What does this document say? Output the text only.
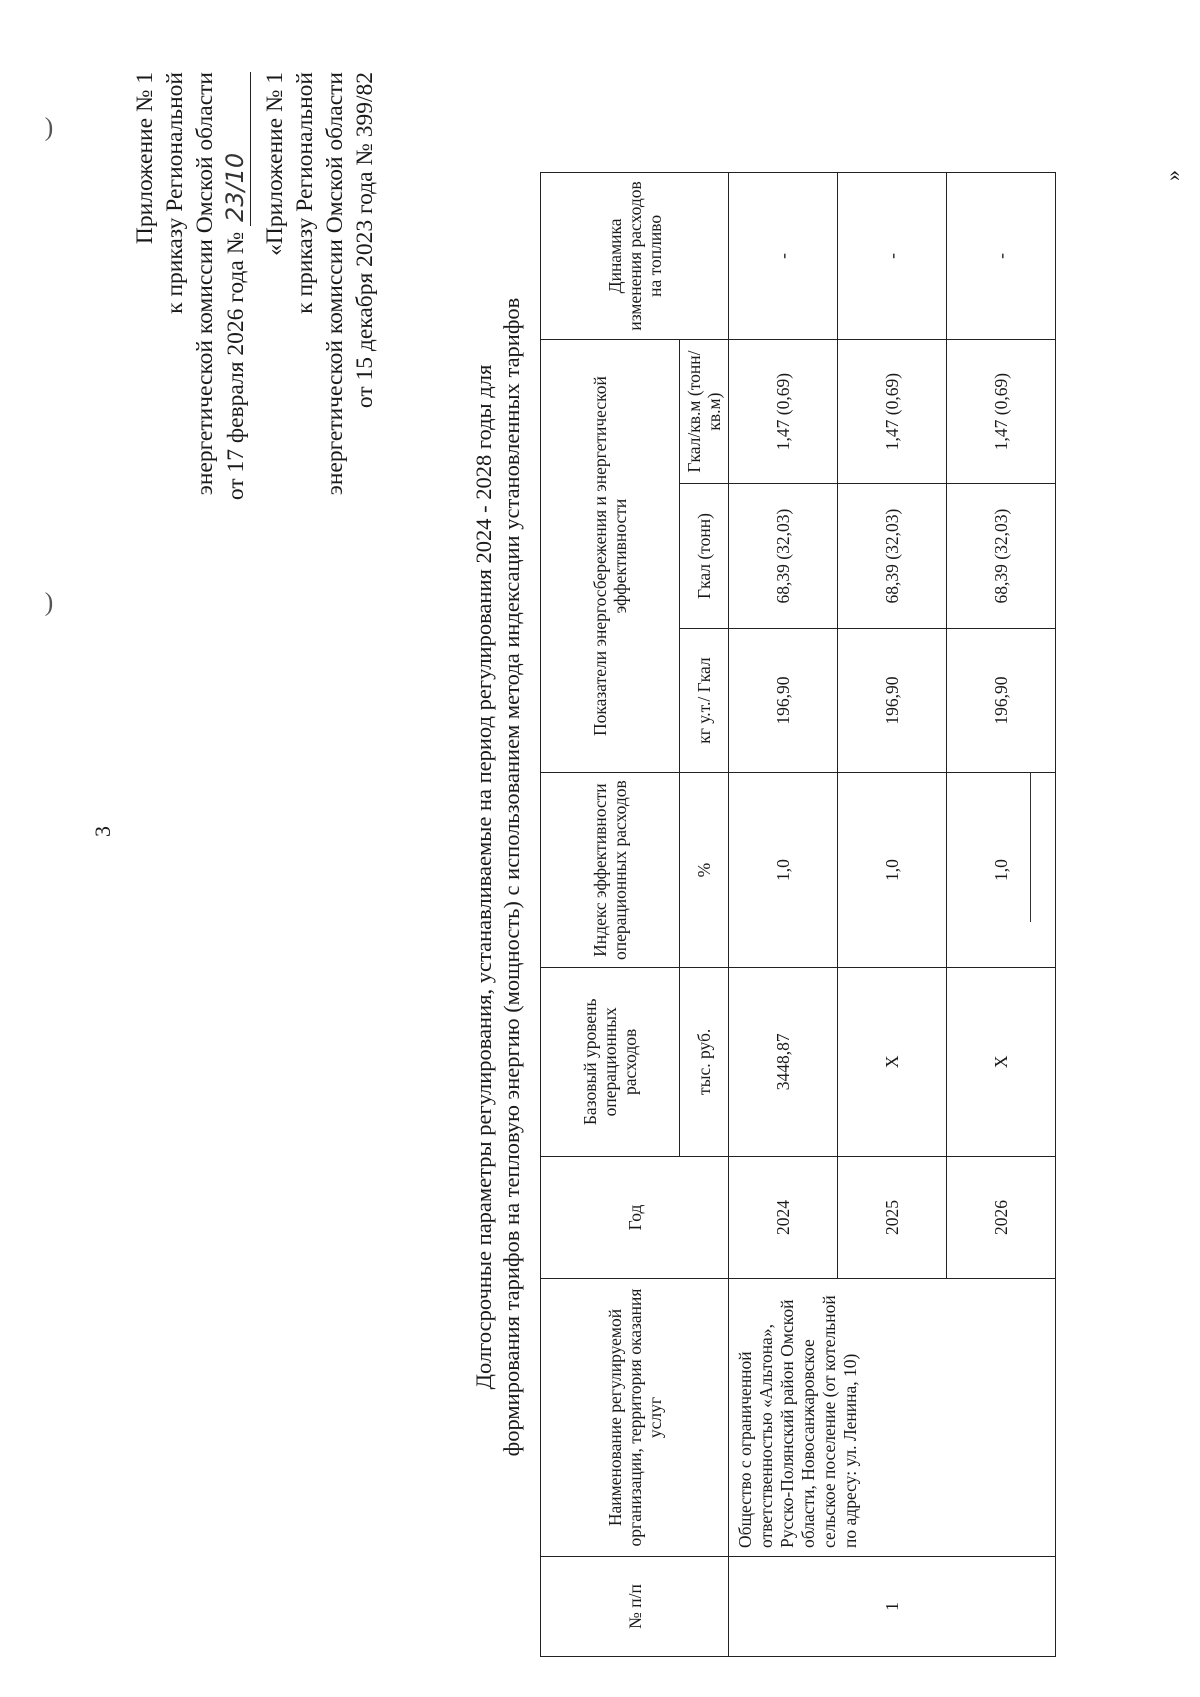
3
)
)	Приложение № 1 к приказу Региональной энергетической комиссии Омской области от 17 февраля 2026 года № 23/10 «Приложение № 1 к приказу Региональной энергетической комиссии Омской области от 15 декабря 2023 года № 399/82
Долгосрочные параметры регулирования, устанавливаемые на период регулирования 2024 - 2028 годы для формирования тарифов на тепловую энергию (мощность) с использованием метода индексации установленных тарифов
№ п/п	Наименование регулируемой организации, территория оказания услуг	Год	Базовый уровень операционных расходов	Индекс эффективности операционных расходов	Показатели энергосбережения и энергетической эффективности			Динамика изменения расходов на топливо
			тыс. руб.	%	кг у.т./ Гкал	Гкал (тонн)	Гкал/кв.м (тонн/кв.м)	
1	Общество с ограниченной ответственностью «Альтона», Русско-Полянский район Омской области, Новосанжаровское сельское поселение (от котельной по адресу: ул. Ленина, 10)	2024	3448,87	1,0	196,90	68,39 (32,03)	1,47 (0,69)	-
		2025	Х	1,0	196,90	68,39 (32,03)	1,47 (0,69)	-
		2026	Х	1,0	196,90	68,39 (32,03)	1,47 (0,69)	-
»
